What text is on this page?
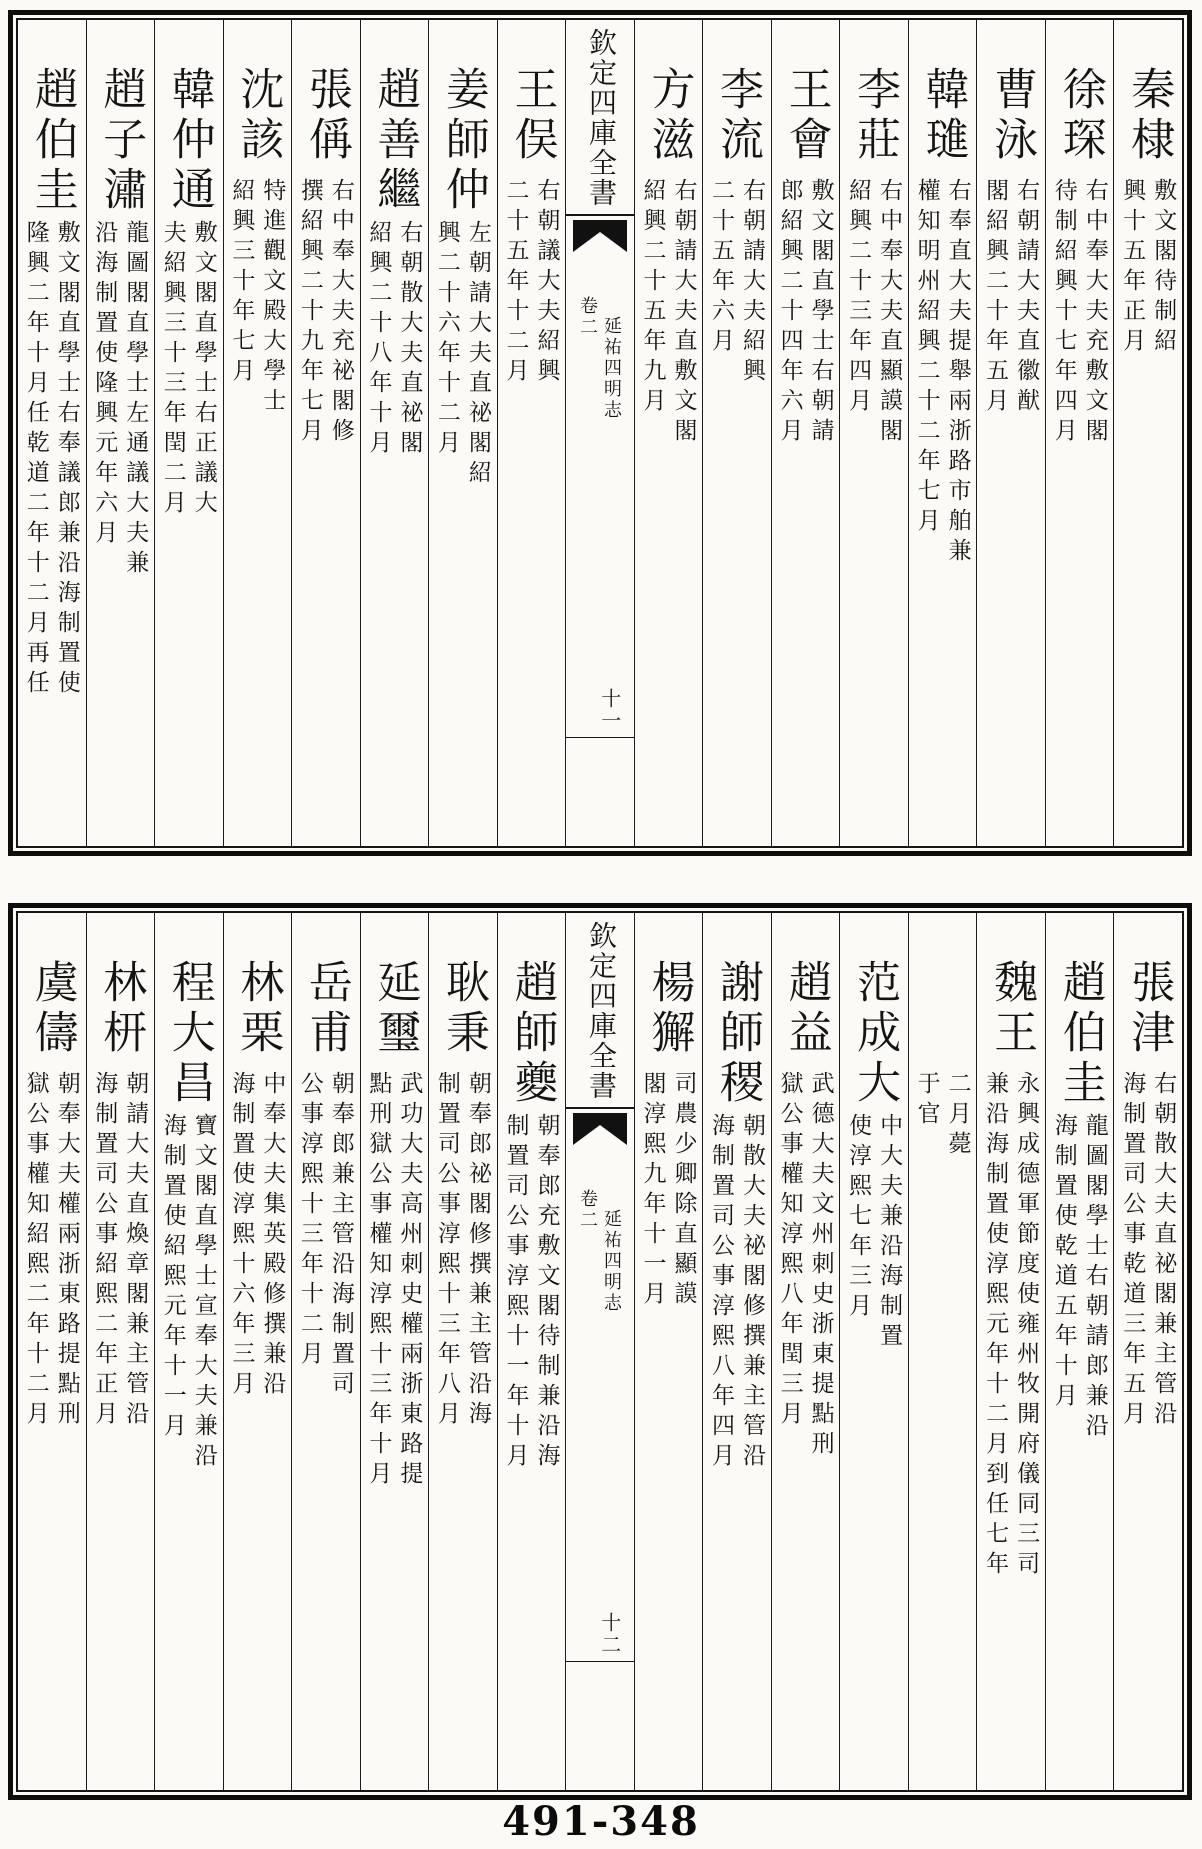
秦棣
敷文閣待制紹
興十五年正月
徐琛
右中奉大夫充敷文閣
待制紹興十七年四月
曹泳
右朝請大夫直徽猷
閣紹興二十年五月
韓璡
右奉直大夫提舉兩浙路市舶兼
權知明州紹興二十二年七月
李莊
右中奉大夫直顯謨閣
紹興二十三年四月
王會
敷文閣直學士右朝請
郎紹興二十四年六月
李流
右朝請大夫紹興
二十五年六月
方滋
右朝請大夫直敷文閣
紹興二十五年九月
欽定四庫全書
延祐四明志
卷二
十一
王俣
右朝議大夫紹興
二十五年十二月
姜師仲
左朝請大夫直祕閣紹
興二十六年十二月
趙善繼
右朝散大夫直祕閣
紹興二十八年十月
張偁
右中奉大夫充祕閣修
撰紹興二十九年七月
沈該
特進觀文殿大學士
紹興三十年七月
韓仲通
敷文閣直學士右正議大
夫紹興三十三年閏二月
趙子潚
龍圖閣直學士左通議大夫兼
沿海制置使隆興元年六月
趙伯圭
敷文閣直學士右奉議郎兼沿海制置使
隆興二年十月任乾道二年十二月再任
張津
右朝散大夫直祕閣兼主管沿
海制置司公事乾道三年五月
趙伯圭
龍圖閣學士右朝請郎兼沿
海制置使乾道五年十月
魏王
永興成德軍節度使雍州牧開府儀同三司
兼沿海制置使淳熙元年十二月到任七年
二月薨
于官
范成大
中大夫兼沿海制置
使淳熙七年三月
趙益
武德大夫文州刺史浙東提點刑
獄公事權知淳熙八年閏三月
謝師稷
朝散大夫祕閣修撰兼主管沿
海制置司公事淳熙八年四月
楊獬
司農少卿除直顯謨
閣淳熙九年十一月
欽定四庫全書
延祐四明志
卷二
十二
趙師夔
朝奉郎充敷文閣待制兼沿海
制置司公事淳熙十一年十月
耿秉
朝奉郎祕閣修撰兼主管沿海
制置司公事淳熙十三年八月
延璽
武功大夫高州刺史權兩浙東路提
點刑獄公事權知淳熙十三年十月
岳甫
朝奉郎兼主管沿海制置司
公事淳熙十三年十二月
林栗
中奉大夫集英殿修撰兼沿
海制置使淳熙十六年三月
程大昌
寶文閣直學士宣奉大夫兼沿
海制置使紹熙元年十一月
林枅
朝請大夫直煥章閣兼主管沿
海制置司公事紹熙二年正月
虞儔
朝奉大夫權兩浙東路提點刑
獄公事權知紹熙二年十二月
491-348
